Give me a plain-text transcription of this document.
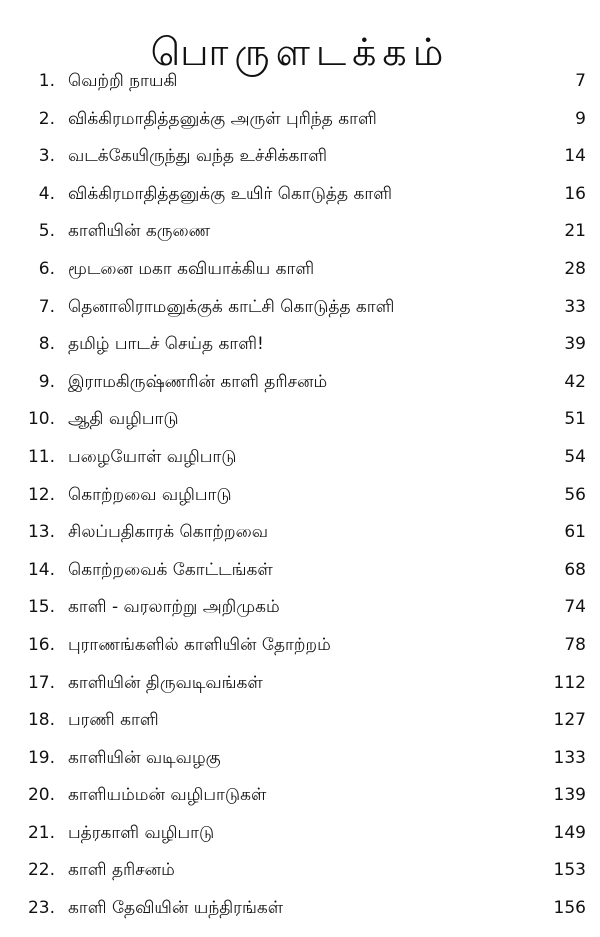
பொருளடக்கம்
1. வெற்றி நாயகி	7
2. விக்கிரமாதித்தனுக்கு அருள் புரிந்த காளி	9
3. வடக்கேயிருந்து வந்த உச்சிக்காளி	14
4. விக்கிரமாதித்தனுக்கு உயிர் கொடுத்த காளி	16
5. காளியின் கருணை	21
6. மூடனை மகா கவியாக்கிய காளி	28
7. தெனாலிராமனுக்குக் காட்சி கொடுத்த காளி	33
8. தமிழ் பாடச் செய்த காளி!	39
9. இராமகிருஷ்ணரின் காளி தரிசனம்	42
10. ஆதி வழிபாடு	51
11. பழையோள் வழிபாடு	54
12. கொற்றவை வழிபாடு	56
13. சிலப்பதிகாரக் கொற்றவை	61
14. கொற்றவைக் கோட்டங்கள்	68
15. காளி - வரலாற்று அறிமுகம்	74
16. புராணங்களில் காளியின் தோற்றம்	78
17. காளியின் திருவடிவங்கள்	112
18. பரணி காளி	127
19. காளியின் வடிவழகு	133
20. காளியம்மன் வழிபாடுகள்	139
21. பத்ரகாளி வழிபாடு	149
22. காளி தரிசனம்	153
23. காளி தேவியின் யந்திரங்கள்	156
